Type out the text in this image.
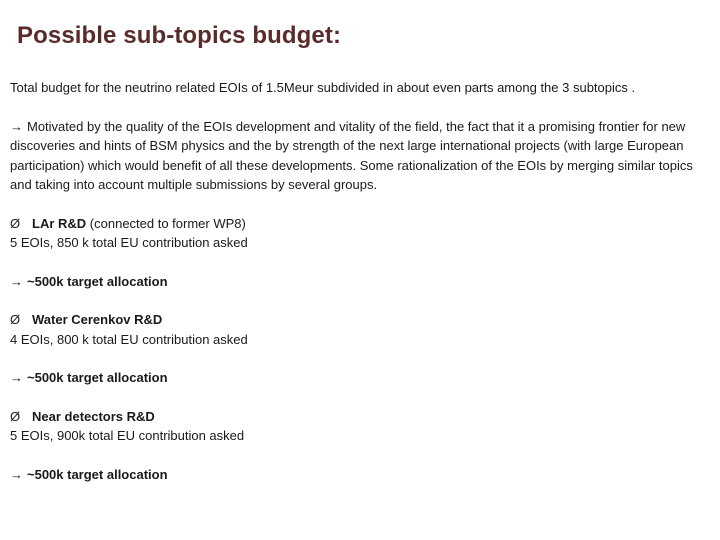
Possible sub-topics budget:

Total budget for the neutrino related EOIs of 1.5Meur subdivided in about even parts among the 3 subtopics .

→ Motivated by the quality of the EOIs development and vitality of the field, the fact that it a promising frontier for new discoveries and hints of BSM physics and the by strength of the next large international projects (with large European participation) which would benefit of all these developments. Some rationalization of the EOIs by merging similar topics and taking into account multiple submissions by several groups.

Ø LAr R&D (connected to former WP8)

5 EOIs, 850 k total EU contribution asked

→ ~500k target allocation

Ø Water Cerenkov R&D

4 EOIs, 800 k total EU contribution asked

→ ~500k target allocation

Ø Near detectors R&D

5 EOIs, 900k total EU contribution asked

→ ~500k target allocation
